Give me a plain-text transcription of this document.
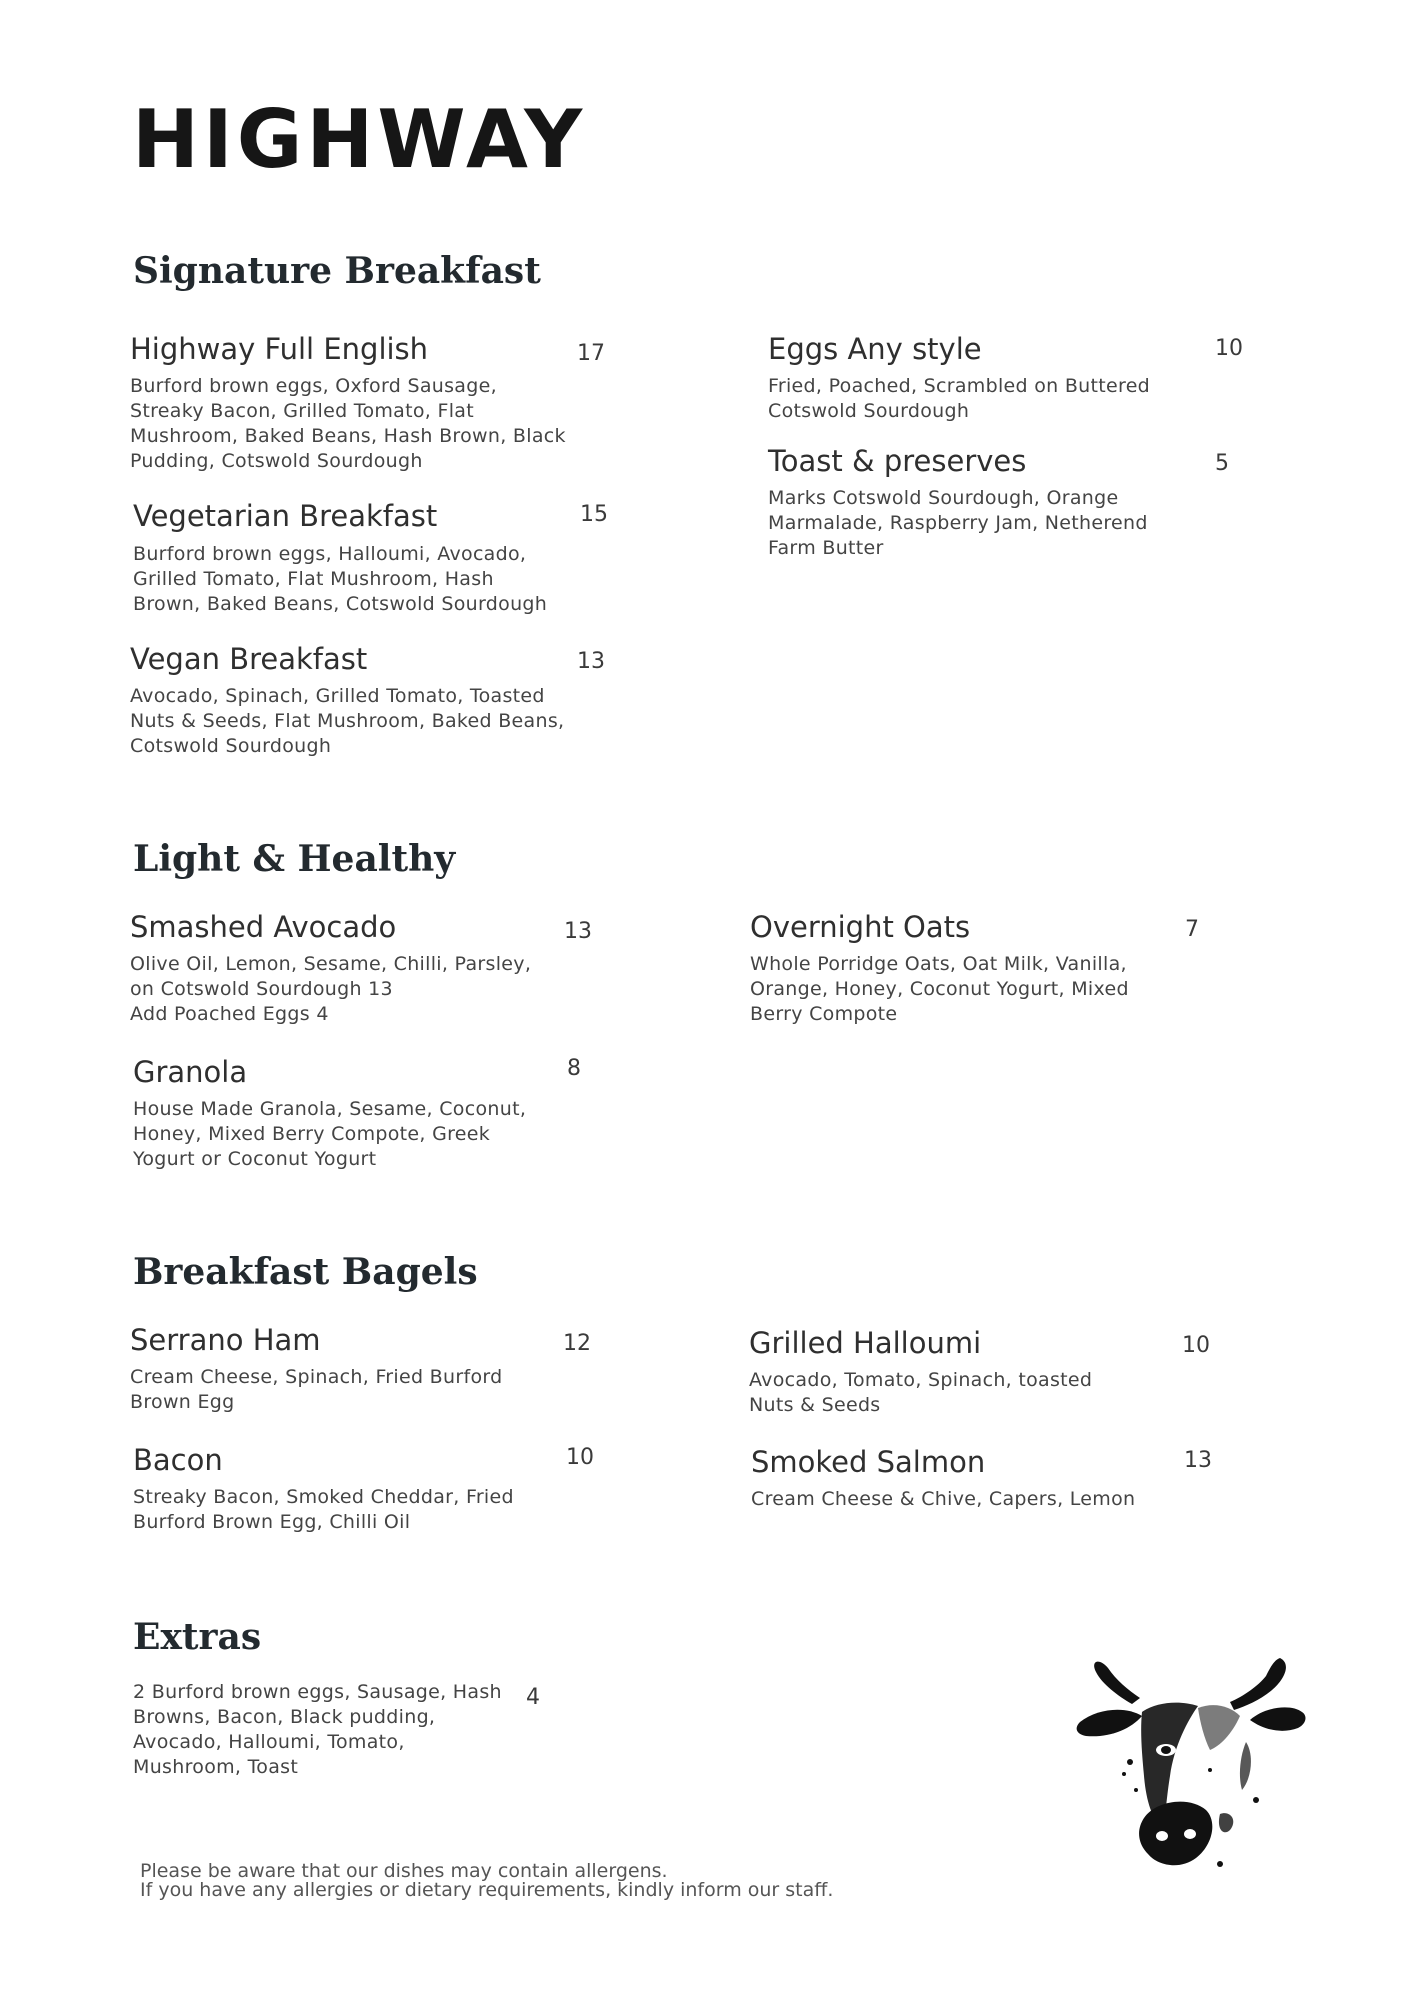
HIGHWAY
Signature Breakfast
Light & Healthy
Breakfast Bagels
Extras
Highway Full English	17
Burford brown eggs, Oxford Sausage,
Streaky Bacon, Grilled Tomato, Flat
Mushroom, Baked Beans, Hash Brown, Black
Pudding, Cotswold Sourdough
Vegetarian Breakfast	15
Burford brown eggs, Halloumi, Avocado,
Grilled Tomato, Flat Mushroom, Hash
Brown, Baked Beans, Cotswold Sourdough
Vegan Breakfast	13
Avocado, Spinach, Grilled Tomato, Toasted
Nuts & Seeds, Flat Mushroom, Baked Beans,
Cotswold Sourdough
Eggs Any style	10
Fried, Poached, Scrambled on Buttered
Cotswold Sourdough
Toast & preserves	5
Marks Cotswold Sourdough, Orange
Marmalade, Raspberry Jam, Netherend
Farm Butter
Smashed Avocado	13
Olive Oil, Lemon, Sesame, Chilli, Parsley,
on Cotswold Sourdough 13
Add Poached Eggs 4
Granola	8
House Made Granola, Sesame, Coconut,
Honey, Mixed Berry Compote, Greek
Yogurt or Coconut Yogurt
Overnight Oats	7
Whole Porridge Oats, Oat Milk, Vanilla,
Orange, Honey, Coconut Yogurt, Mixed
Berry Compote
Serrano Ham	12
Cream Cheese, Spinach, Fried Burford
Brown Egg
Bacon	10
Streaky Bacon, Smoked Cheddar, Fried
Burford Brown Egg, Chilli Oil
Grilled Halloumi	10
Avocado, Tomato, Spinach, toasted
Nuts & Seeds
Smoked Salmon	13
Cream Cheese & Chive, Capers, Lemon
2 Burford brown eggs, Sausage, Hash
Browns, Bacon, Black pudding,
Avocado, Halloumi, Tomato,
Mushroom, Toast
4
Please be aware that our dishes may contain allergens.
If you have any allergies or dietary requirements, kindly inform our staff.
